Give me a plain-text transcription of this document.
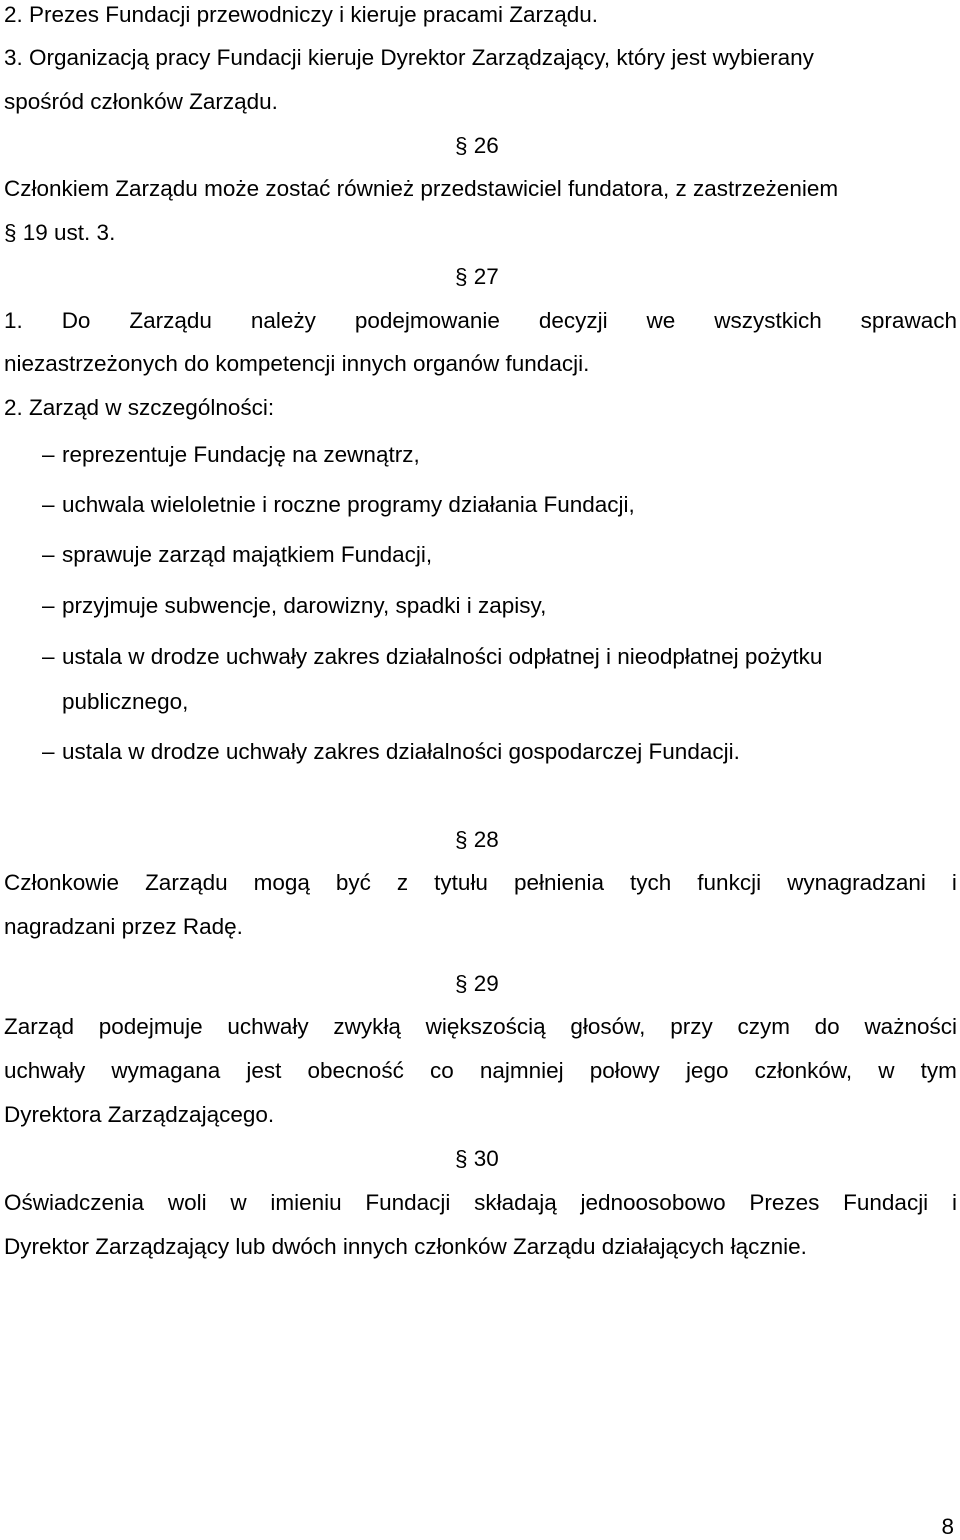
2. Prezes Fundacji przewodniczy i kieruje pracami Zarządu.
3. Organizacją pracy Fundacji kieruje Dyrektor Zarządzający, który jest wybierany
spośród członków Zarządu.
§ 26
Członkiem Zarządu może zostać również przedstawiciel fundatora, z zastrzeżeniem
§ 19 ust. 3.
§ 27
1. Do Zarządu należy podejmowanie decyzji we wszystkich sprawach
niezastrzeżonych do kompetencji innych organów fundacji.
2. Zarząd w szczególności:
– reprezentuje Fundację na zewnątrz,
– uchwala wieloletnie i roczne programy działania Fundacji,
– sprawuje zarząd majątkiem Fundacji,
– przyjmuje subwencje, darowizny, spadki i zapisy,
– ustala w drodze uchwały zakres działalności odpłatnej i nieodpłatnej pożytku
publicznego,
– ustala w drodze uchwały zakres działalności gospodarczej Fundacji.
§ 28
Członkowie Zarządu mogą być z tytułu pełnienia tych funkcji wynagradzani i
nagradzani przez Radę.
§ 29
Zarząd podejmuje uchwały zwykłą większością głosów, przy czym do ważności
uchwały wymagana jest obecność co najmniej połowy jego członków, w tym
Dyrektora Zarządzającego.
§ 30
Oświadczenia woli w imieniu Fundacji składają jednoosobowo Prezes Fundacji i
Dyrektor Zarządzający lub dwóch innych członków Zarządu działających łącznie.
8
